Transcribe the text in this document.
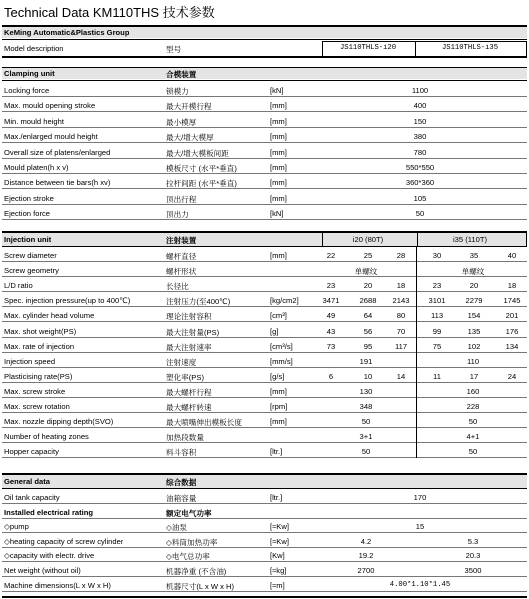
Technical Data KM110THS 技术参数
KeMing Automatic&Plastics Group
Model description	型号	JS110THLS-i20	JS110THLS-i35
Clamping unit	合模装置
Locking force	锁模力	[kN]	1100
Max. mould opening stroke	最大开模行程	[mm]	400
Min. mould height	最小模厚	[mm]	150
Max./enlarged mould height	最大/增大模厚	[mm]	380
Overall size of platens/enlarged	最大/增大模板间距	[mm]	780
Mould platen(h x v)	模板尺寸 (水平*垂直)	[mm]	550*550
Distance between tie bars(h xv)	拉杆间距 (水平*垂直)	[mm]	360*360
Ejection stroke	顶出行程	[mm]	105
Ejection force	顶出力	[kN]	50
Injection unit	注射装置	i20 (80T)	i35 (110T)
Screw diameter	螺杆直径	[mm]	22	25	28	30	35	40
Screw geometry	螺杆形状	单螺纹	单螺纹
L/D ratio	长径比	23	20	18	23	20	18
Spec. injection pressure(up to 400℃)	注射压力(至400℃)	[kg/cm2]	3471	2688	2143	3101	2279	1745
Max. cylinder head volume	理论注射容积	[cm³]	49	64	80	113	154	201
Max. shot weight(PS)	最大注射量(PS)	[g]	43	56	70	99	135	176
Max. rate of injection	最大注射速率	[cm³/s]	73	95	117	75	102	134
Injection speed	注射速度	[mm/s]	191	110
Plasticising rate(PS)	塑化率(PS)	[g/s]	6	10	14	11	17	24
Max. screw stroke	最大螺杆行程	[mm]	130	160
Max. screw rotation	最大螺杆转速	[rpm]	348	228
Max. nozzle dipping depth(SVO)	最大喷嘴伸出模板长度	[mm]	50	50
Number of heating zones	加热段数量	3+1	4+1
Hopper capacity	料斗容积	[ltr.]	50	50
General data	综合数据
Oil tank capacity	油箱容量	[ltr.]	170
Installed electrical rating	额定电气功率
◇pump	◇油泵	[≈Kw]	15
◇heating capacity of screw cylinder	◇料筒加热功率	[≈Kw]	4.2	5.3
◇capacity with electr. drive	◇电气总功率	[Kw]	19.2	20.3
Net weight (without oil)	机器净重 (不含油)	[≈kg]	2700	3500
Machine dimensions(L x W x H)	机器尺寸(L x W x H)	[≈m]	4.00*1.10*1.45
